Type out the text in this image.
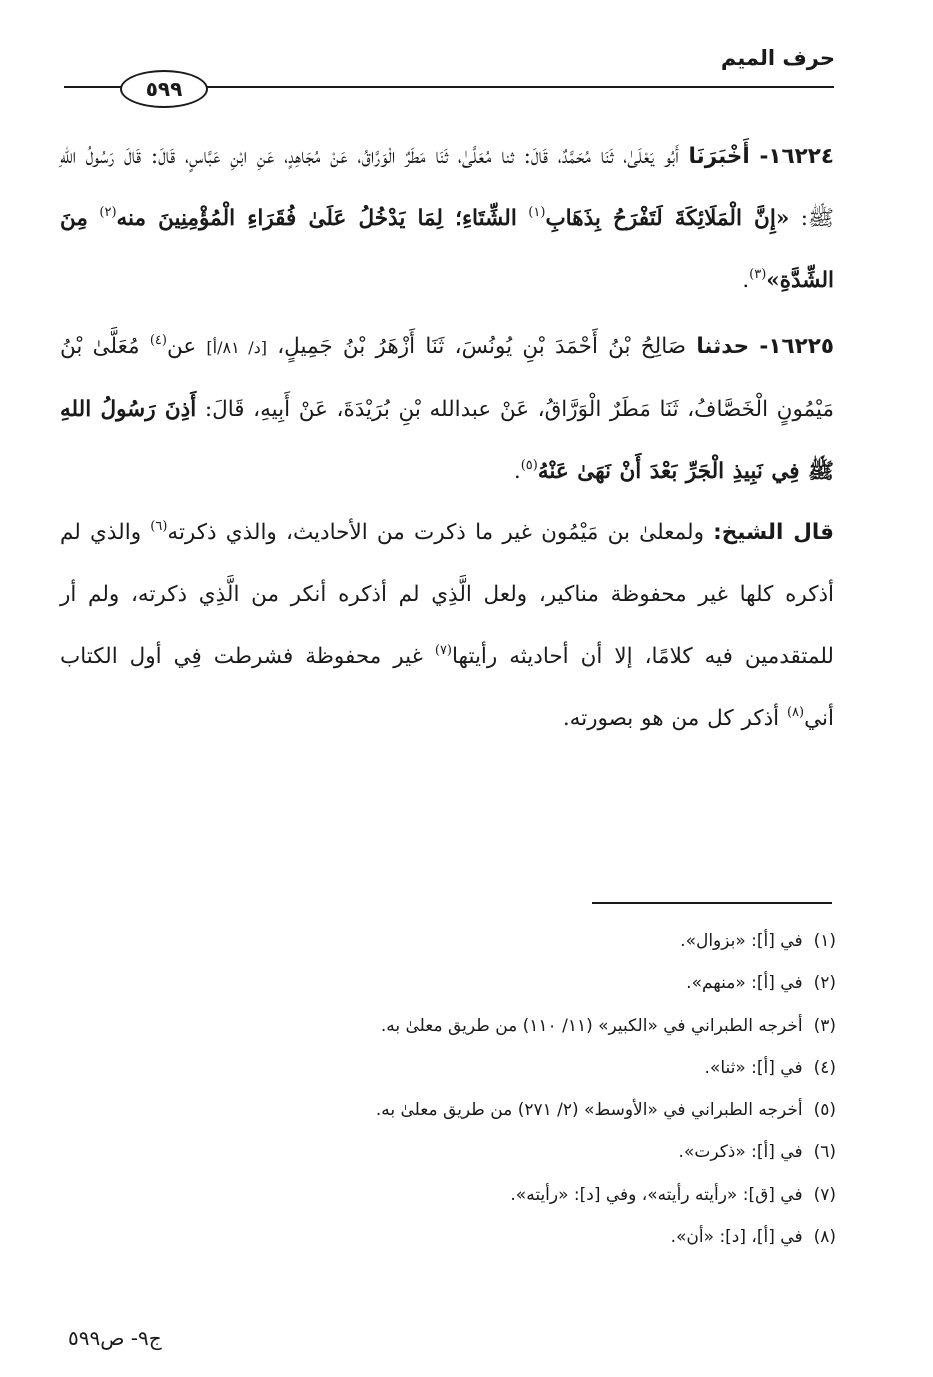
حرف الميم
٥٩٩

١٦٢٢٤- أَخْبَرَنَا أَبُو يَعْلَىٰ، ثَنَا مُحَمَّدٌ، قَالَ: ثنا مُعَلَّىٰ، ثَنَا مَطَرٌ الْوَرَّاقُ، عَنْ مُجَاهِدٍ، عَنِ ابْنِ عَبَّاسٍ، قَالَ: قَالَ رَسُولُ اللهِ ﷺ: «إِنَّ الْمَلَائِكَةَ لَتَفْرَحُ بِذَهَابِ$^{(١)}$ الشِّتَاءِ؛ لِمَا يَدْخُلُ عَلَىٰ فُقَرَاءِ الْمُؤْمِنِينَ منه$^{(٢)}$ مِنَ الشِّدَّةِ»$^{(٣)}$.

١٦٢٢٥- حدثنا صَالِحُ بْنُ أَحْمَدَ بْنِ يُونُسَ، ثَنَا أَزْهَرُ بْنُ جَمِيلٍ، [د/ ٨١/أ] عن$^{(٤)}$ مُعَلَّىٰ بْنُ مَيْمُونٍ الْخَصَّافُ، ثَنَا مَطَرٌ الْوَرَّاقُ، عَنْ عبدالله بْنِ بُرَيْدَةَ، عَنْ أَبِيهِ، قَالَ: أَذِنَ رَسُولُ اللهِ ﷺ فِي نَبِيذِ الْجَرِّ بَعْدَ أَنْ نَهَىٰ عَنْهُ$^{(٥)}$.

قال الشيخ: ولمعلىٰ بن مَيْمُون غير ما ذكرت من الأحاديث، والذي ذكرته$^{(٦)}$ والذي لم أذكره كلها غير محفوظة مناكير، ولعل الَّذِي لم أذكره أنكر من الَّذِي ذكرته، ولم أر للمتقدمين فيه كلامًا، إلا أن أحاديثه رأيتها$^{(٧)}$ غير محفوظة فشرطت فِي أول الكتاب أني$^{(٨)}$ أذكر كل من هو بصورته.

(١) في [أ]: «بزوال».
(٢) في [أ]: «منهم».
(٣) أخرجه الطبراني في «الكبير» (١١/ ١١٠) من طريق معلىٰ به.
(٤) في [أ]: «ثنا».
(٥) أخرجه الطبراني في «الأوسط» (٢/ ٢٧١) من طريق معلىٰ به.
(٦) في [أ]: «ذكرت».
(٧) في [ق]: «رأيته رأيته»، وفي [د]: «رأيته».
(٨) في [أ]، [د]: «أن».
ج٩- ص٥٩٩
